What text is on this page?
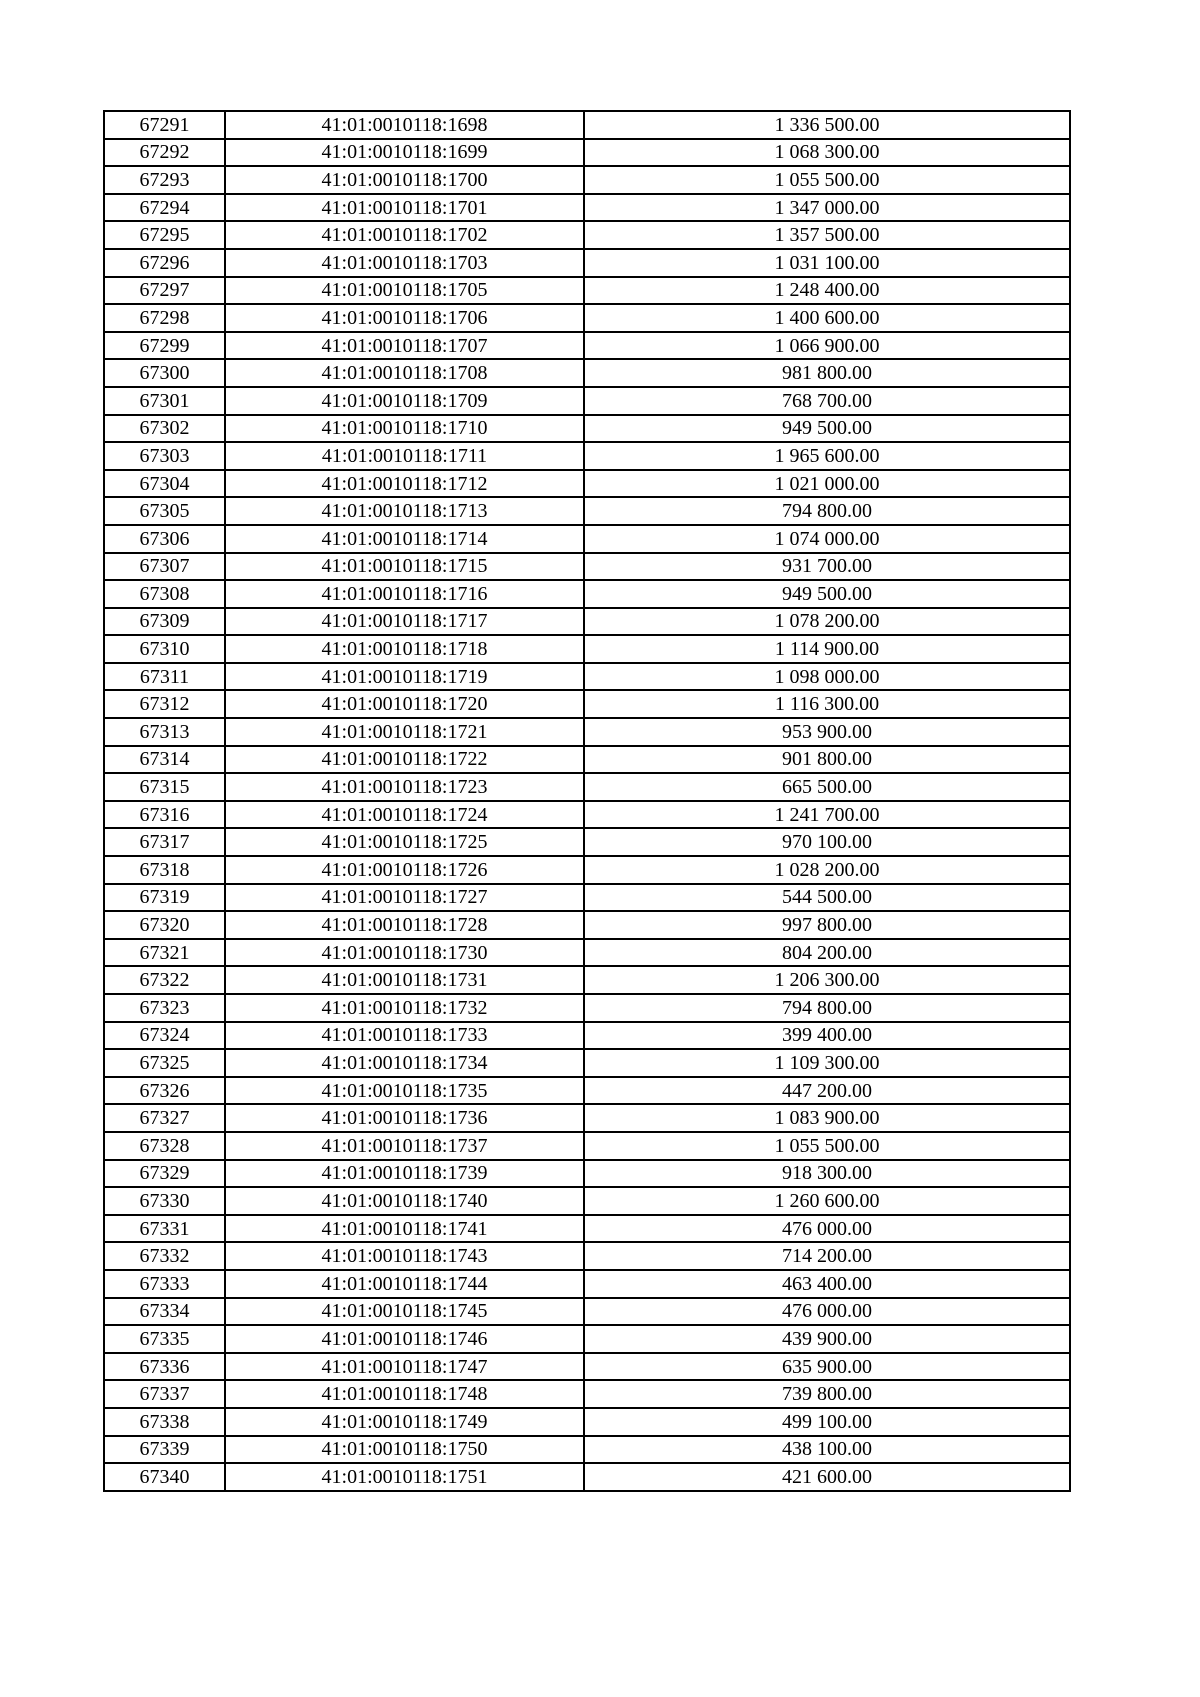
67291	41:01:0010118:1698	1 336 500.00
67292	41:01:0010118:1699	1 068 300.00
67293	41:01:0010118:1700	1 055 500.00
67294	41:01:0010118:1701	1 347 000.00
67295	41:01:0010118:1702	1 357 500.00
67296	41:01:0010118:1703	1 031 100.00
67297	41:01:0010118:1705	1 248 400.00
67298	41:01:0010118:1706	1 400 600.00
67299	41:01:0010118:1707	1 066 900.00
67300	41:01:0010118:1708	981 800.00
67301	41:01:0010118:1709	768 700.00
67302	41:01:0010118:1710	949 500.00
67303	41:01:0010118:1711	1 965 600.00
67304	41:01:0010118:1712	1 021 000.00
67305	41:01:0010118:1713	794 800.00
67306	41:01:0010118:1714	1 074 000.00
67307	41:01:0010118:1715	931 700.00
67308	41:01:0010118:1716	949 500.00
67309	41:01:0010118:1717	1 078 200.00
67310	41:01:0010118:1718	1 114 900.00
67311	41:01:0010118:1719	1 098 000.00
67312	41:01:0010118:1720	1 116 300.00
67313	41:01:0010118:1721	953 900.00
67314	41:01:0010118:1722	901 800.00
67315	41:01:0010118:1723	665 500.00
67316	41:01:0010118:1724	1 241 700.00
67317	41:01:0010118:1725	970 100.00
67318	41:01:0010118:1726	1 028 200.00
67319	41:01:0010118:1727	544 500.00
67320	41:01:0010118:1728	997 800.00
67321	41:01:0010118:1730	804 200.00
67322	41:01:0010118:1731	1 206 300.00
67323	41:01:0010118:1732	794 800.00
67324	41:01:0010118:1733	399 400.00
67325	41:01:0010118:1734	1 109 300.00
67326	41:01:0010118:1735	447 200.00
67327	41:01:0010118:1736	1 083 900.00
67328	41:01:0010118:1737	1 055 500.00
67329	41:01:0010118:1739	918 300.00
67330	41:01:0010118:1740	1 260 600.00
67331	41:01:0010118:1741	476 000.00
67332	41:01:0010118:1743	714 200.00
67333	41:01:0010118:1744	463 400.00
67334	41:01:0010118:1745	476 000.00
67335	41:01:0010118:1746	439 900.00
67336	41:01:0010118:1747	635 900.00
67337	41:01:0010118:1748	739 800.00
67338	41:01:0010118:1749	499 100.00
67339	41:01:0010118:1750	438 100.00
67340	41:01:0010118:1751	421 600.00
